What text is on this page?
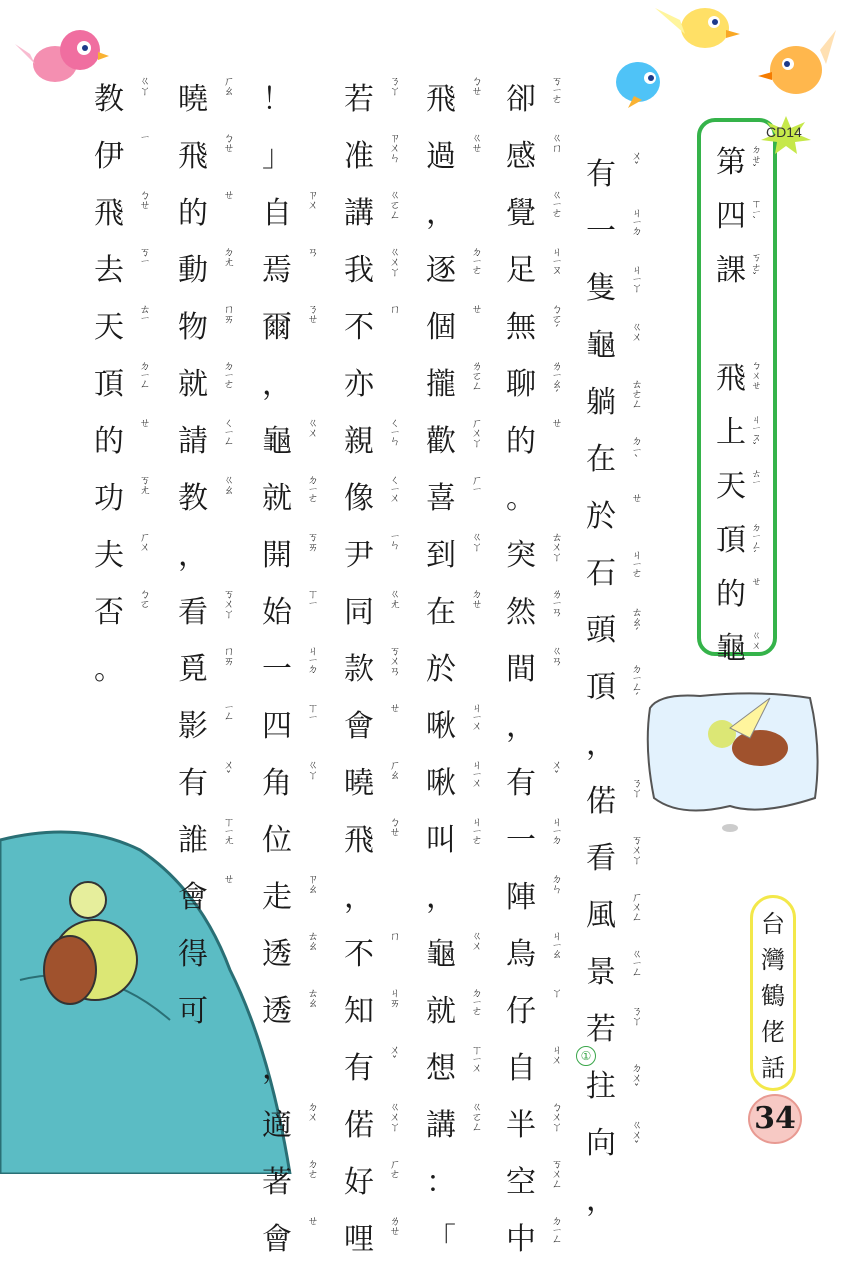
第 ㄉㄝˇ
四 ㄒㄧˋ
課 ㄎㄜˇ
飛 ㄅㄨㄝ
上 ㄐㄧㄡˇ
天 ㄊㄧ
頂 ㄉㄧㄥˊ
的 ㄝ
龜 ㄍㄨ
CD14
有	ㄨˇ
一	ㄐㄧㄉ
隻	ㄐㄧㄚ
龜	ㄍㄨ
躺	ㄊㄜㄥ
在	ㄉㄧˋ
於
ㄝ
石	ㄐㄧㄜ
頭	ㄊㄠˊ
頂	ㄉㄧㄥˊ
，
偌	ㄋㄚ
看	ㄎㄨㄚ
風	ㄏㄨㄥ
景	ㄍㄧㄥ
若	ㄋㄚ
拄	ㄉㄨˇ
向	ㄍㄨˇ
，
卻	ㄎㄧㄜ
感	ㄍㄇ
覺	ㄍㄧㄜ
足	ㄐㄧㄡ
無	ㄅㄛˊ
聊	ㄌㄧㄠˊ
的
ㄝ
。
突	ㄊㄨㄚ
然	ㄌㄧㄢ
間	ㄍㄢ
，
有	ㄨˇ
一	ㄐㄧㄉ
陣	ㄉㄣ
鳥	ㄐㄧㄠ
仔
ㄚ
自	ㄐㄨ
半	ㄅㄨㄚ
空	ㄎㄨㄥ
中	ㄉㄧㄥ
飛	ㄅㄝ
過	ㄍㄝ
，
逐	ㄉㄧㄜ
個
ㄝ
攏	ㄌㄛㄥ
歡	ㄏㄨㄚ
喜	ㄏㄧ
到	ㄍㄚ
在	ㄉㄝ
於
啾	ㄐㄧㄨ
啾	ㄐㄧㄨ
叫	ㄐㄧㄜ
，
龜	ㄍㄨ
就	ㄉㄧㄜ
想	ㄒㄧㄨ
講	ㄍㄛㄥ
：
「
若	ㄋㄚ
准	ㄗㄨㄣ
講	ㄍㄛㄥ
我	ㄍㄨㄚ
不
ㄇ
亦
親	ㄑㄧㄣ
像	ㄑㄧㄨ
尹	ㄧㄣ
同	ㄍㄤ
款	ㄎㄨㄢ
會
ㄝ
曉	ㄏㄠ
飛	ㄅㄝ
，
不
ㄇ
知	ㄐㄞ
有	ㄨˇ
偌	ㄍㄨㄚ
好	ㄏㄜ
哩	ㄌㄝ
！
」
自	ㄗㄨ
焉
ㄢ
爾	ㄋㄝ
，
龜	ㄍㄨ
就	ㄉㄧㄜ
開	ㄎㄞ
始	ㄒㄧ
一	ㄐㄧㄉ
四	ㄒㄧ
角	ㄍㄚ
位
走	ㄗㄠ
透	ㄊㄠ
透	ㄊㄠ
，
適	ㄉㄨ
著	ㄉㄜ
會
ㄝ
曉	ㄏㄠ
飛	ㄅㄝ
的
ㄝ
動	ㄉㄤ
物	ㄇㄞ
就	ㄉㄧㄜ
請	ㄑㄧㄥ
教	ㄍㄠ
，
看	ㄎㄨㄚ
覓	ㄇㄞ
影	ㄧㄥ
有	ㄨˇ
誰	ㄒㄧㄤ
會
ㄝ
得
可
教	ㄍㄚ
伊
ㄧ
飛	ㄅㄝ
去	ㄎㄧ
天	ㄊㄧ
頂	ㄉㄧㄥ
的
ㄝ
功	ㄎㄤ
夫	ㄏㄨ
否	ㄅㄛ
。
①
台
灣
鶴
佬
話
34
